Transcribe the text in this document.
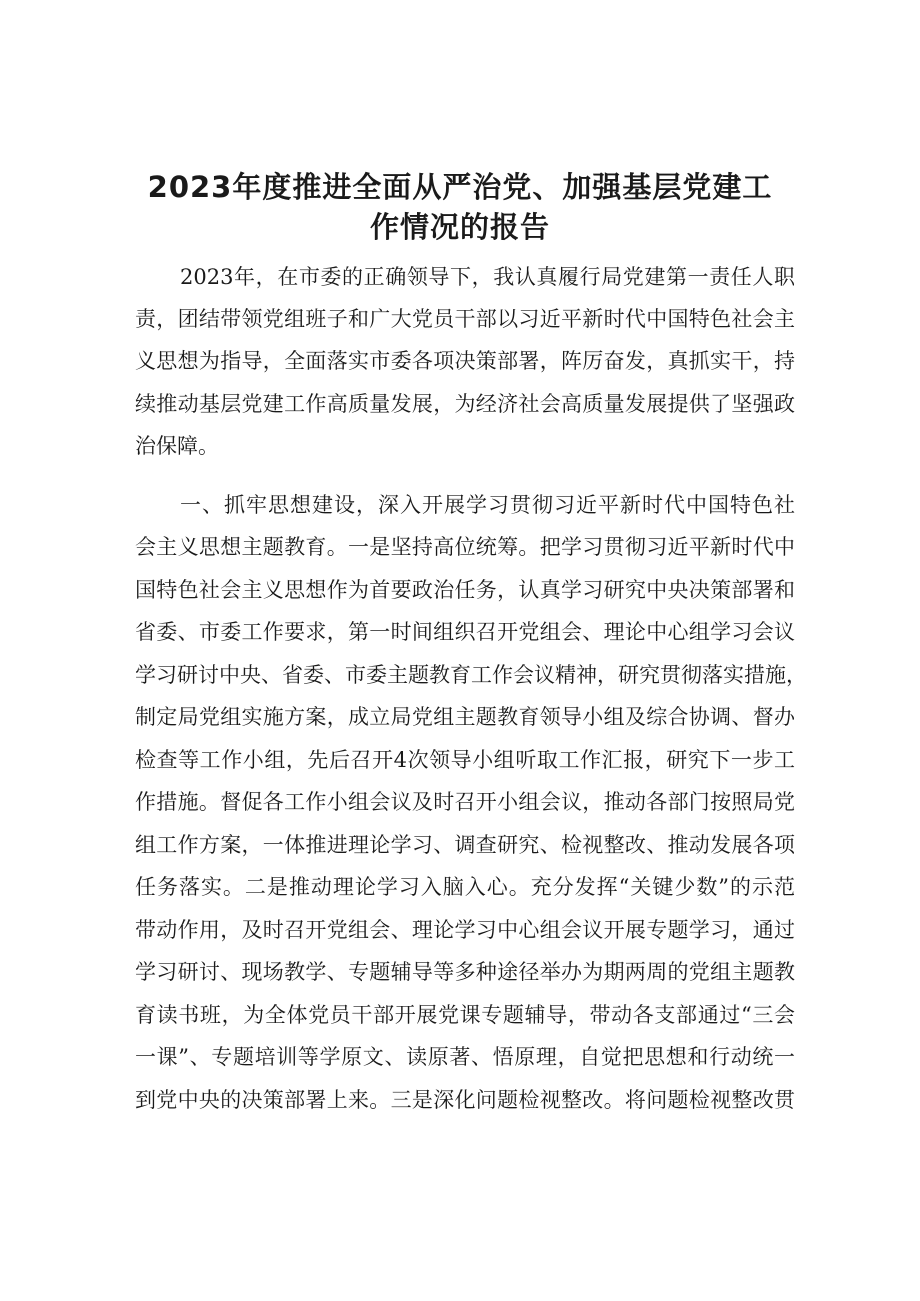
2023年度推进全面从严治党、加强基层党建工
作情况的报告

2023年，在市委的正确领导下，我认真履行局党建第一责任人职

责，团结带领党组班子和广大党员干部以习近平新时代中国特色社会主

义思想为指导，全面落实市委各项决策部署，阵厉奋发，真抓实干，持

续推动基层党建工作高质量发展，为经济社会高质量发展提供了坚强政

治保障。

一、抓牢思想建设，深入开展学习贯彻习近平新时代中国特色社

会主义思想主题教育。一是坚持高位统筹。把学习贯彻习近平新时代中

国特色社会主义思想作为首要政治任务，认真学习研究中央决策部署和

省委、市委工作要求，第一时间组织召开党组会、理论中心组学习会议

学习研讨中央、省委、市委主题教育工作会议精神，研究贯彻落实措施，

制定局党组实施方案，成立局党组主题教育领导小组及综合协调、督办

检查等工作小组，先后召开4次领导小组听取工作汇报，研究下一步工

作措施。督促各工作小组会议及时召开小组会议，推动各部门按照局党

组工作方案，一体推进理论学习、调查研究、检视整改、推动发展各项

任务落实。二是推动理论学习入脑入心。充分发挥“关键少数”的示范

带动作用，及时召开党组会、理论学习中心组会议开展专题学习，通过

学习研讨、现场教学、专题辅导等多种途径举办为期两周的党组主题教

育读书班，为全体党员干部开展党课专题辅导，带动各支部通过“三会

一课”、专题培训等学原文、读原著、悟原理，自觉把思想和行动统一

到党中央的决策部署上来。三是深化问题检视整改。将问题检视整改贯
